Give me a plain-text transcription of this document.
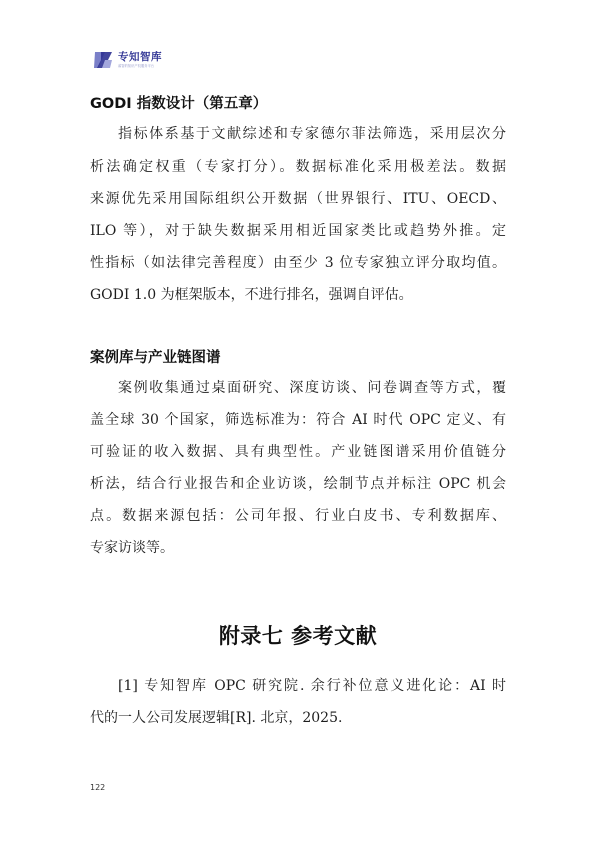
专知智库
睿智的知识产权服务平台
GODI 指数设计（第五章）
指标体系基于文献综述和专家德尔菲法筛选，采用层次分
析法确定权重（专家打分）。数据标准化采用极差法。数据
来源优先采用国际组织公开数据（世界银行、ITU、OECD、
ILO 等），对于缺失数据采用相近国家类比或趋势外推。定
性指标（如法律完善程度）由至少 3 位专家独立评分取均值。
GODI 1.0 为框架版本，不进行排名，强调自评估。
案例库与产业链图谱
案例收集通过桌面研究、深度访谈、问卷调查等方式，覆
盖全球 30 个国家，筛选标准为：符合 AI 时代 OPC 定义、有
可验证的收入数据、具有典型性。产业链图谱采用价值链分
析法，结合行业报告和企业访谈，绘制节点并标注 OPC 机会
点。数据来源包括：公司年报、行业白皮书、专利数据库、
专家访谈等。
附录七 参考文献
[1] 专知智库 OPC 研究院. 余行补位意义进化论：AI 时
代的一人公司发展逻辑[R]. 北京，2025.
122
